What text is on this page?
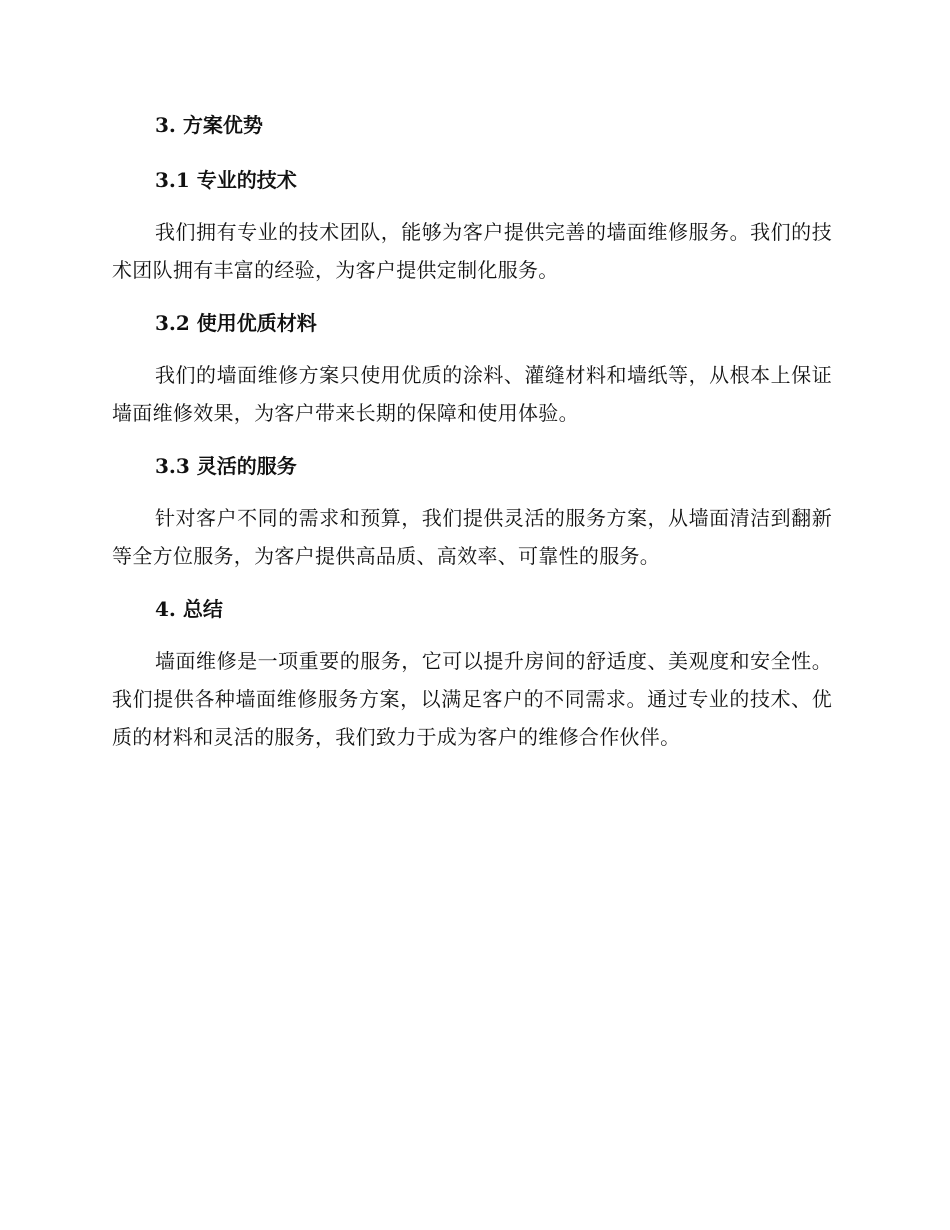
3. 方案优势
3.1 专业的技术

我们拥有专业的技术团队，能够为客户提供完善的墙面维修服务。我们的技术团队拥有丰富的经验，为客户提供定制化服务。

3.2 使用优质材料

我们的墙面维修方案只使用优质的涂料、灌缝材料和墙纸等，从根本上保证墙面维修效果，为客户带来长期的保障和使用体验。

3.3 灵活的服务

针对客户不同的需求和预算，我们提供灵活的服务方案，从墙面清洁到翻新等全方位服务，为客户提供高品质、高效率、可靠性的服务。

4. 总结

墙面维修是一项重要的服务，它可以提升房间的舒适度、美观度和安全性。我们提供各种墙面维修服务方案，以满足客户的不同需求。通过专业的技术、优质的材料和灵活的服务，我们致力于成为客户的维修合作伙伴。
